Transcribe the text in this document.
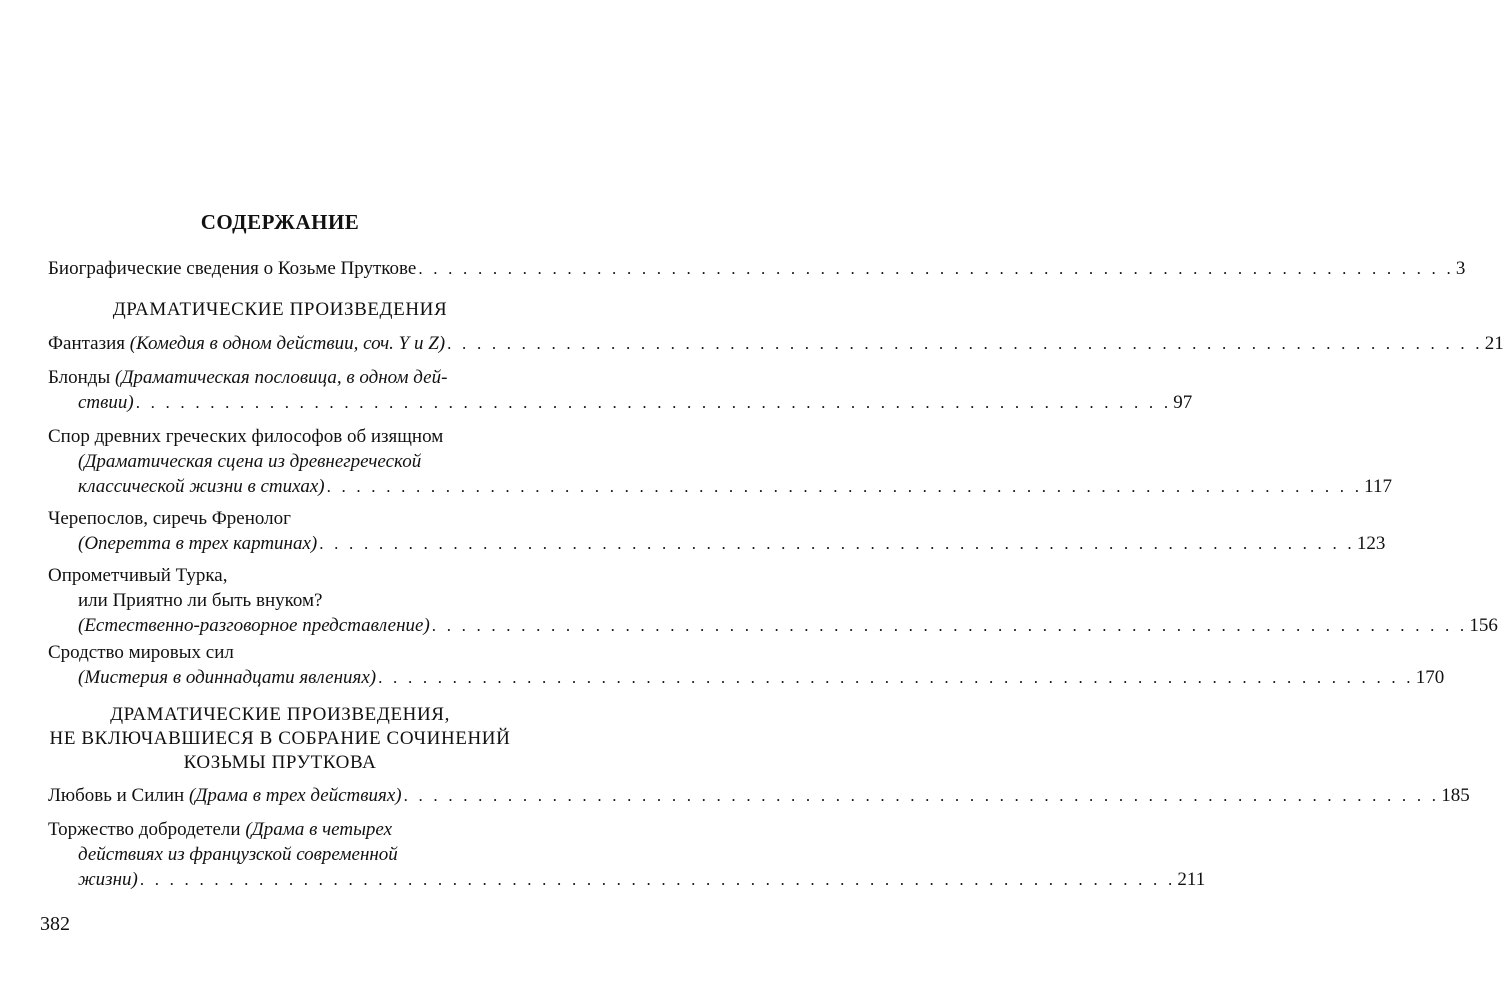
СОДЕРЖАНИЕ
Биографические сведения о Козьме Пруткове . . . . . . . . . . . . . . . . . . . . . . . . . . . . . . . . . . . . . . . . . . . . . . . . . . . . . . . . . . . . . . . . . . . . . . 3
ДРАМАТИЧЕСКИЕ ПРОИЗВЕДЕНИЯ
Фантазия (Комедия в одном действии, соч. Y и Z) . . . . . . . . . . . . . . . . . . . . . . . . . . . . . . . . . . . . . . . . . . . . . . . . . . . . . . . . . . . . . . . . . . . . . . 21
Блонды (Драматическая пословица, в одном дей-
ствии) . . . . . . . . . . . . . . . . . . . . . . . . . . . . . . . . . . . . . . . . . . . . . . . . . . . . . . . . . . . . . . . . . . . . . . 97
Спор древних греческих философов об изящном
(Драматическая сцена из древнегреческой
классической жизни в стихах) . . . . . . . . . . . . . . . . . . . . . . . . . . . . . . . . . . . . . . . . . . . . . . . . . . . . . . . . . . . . . . . . . . . . . . 117
Черепослов, сиречь Френолог
(Оперетта в трех картинах) . . . . . . . . . . . . . . . . . . . . . . . . . . . . . . . . . . . . . . . . . . . . . . . . . . . . . . . . . . . . . . . . . . . . . . 123
Опрометчивый Турка,
или Приятно ли быть внуком?
(Естественно-разговорное представление) . . . . . . . . . . . . . . . . . . . . . . . . . . . . . . . . . . . . . . . . . . . . . . . . . . . . . . . . . . . . . . . . . . . . . . 156
Сродство мировых сил
(Мистерия в одиннадцати явлениях) . . . . . . . . . . . . . . . . . . . . . . . . . . . . . . . . . . . . . . . . . . . . . . . . . . . . . . . . . . . . . . . . . . . . . . 170
ДРАМАТИЧЕСКИЕ ПРОИЗВЕДЕНИЯ,
НЕ ВКЛЮЧАВШИЕСЯ В СОБРАНИЕ СОЧИНЕНИЙ
КОЗЬМЫ ПРУТКОВА
Любовь и Силин (Драма в трех действиях) . . . . . . . . . . . . . . . . . . . . . . . . . . . . . . . . . . . . . . . . . . . . . . . . . . . . . . . . . . . . . . . . . . . . . . 185
Торжество добродетели (Драма в четырех
действиях из французской современной
жизни) . . . . . . . . . . . . . . . . . . . . . . . . . . . . . . . . . . . . . . . . . . . . . . . . . . . . . . . . . . . . . . . . . . . . . . 211
382
